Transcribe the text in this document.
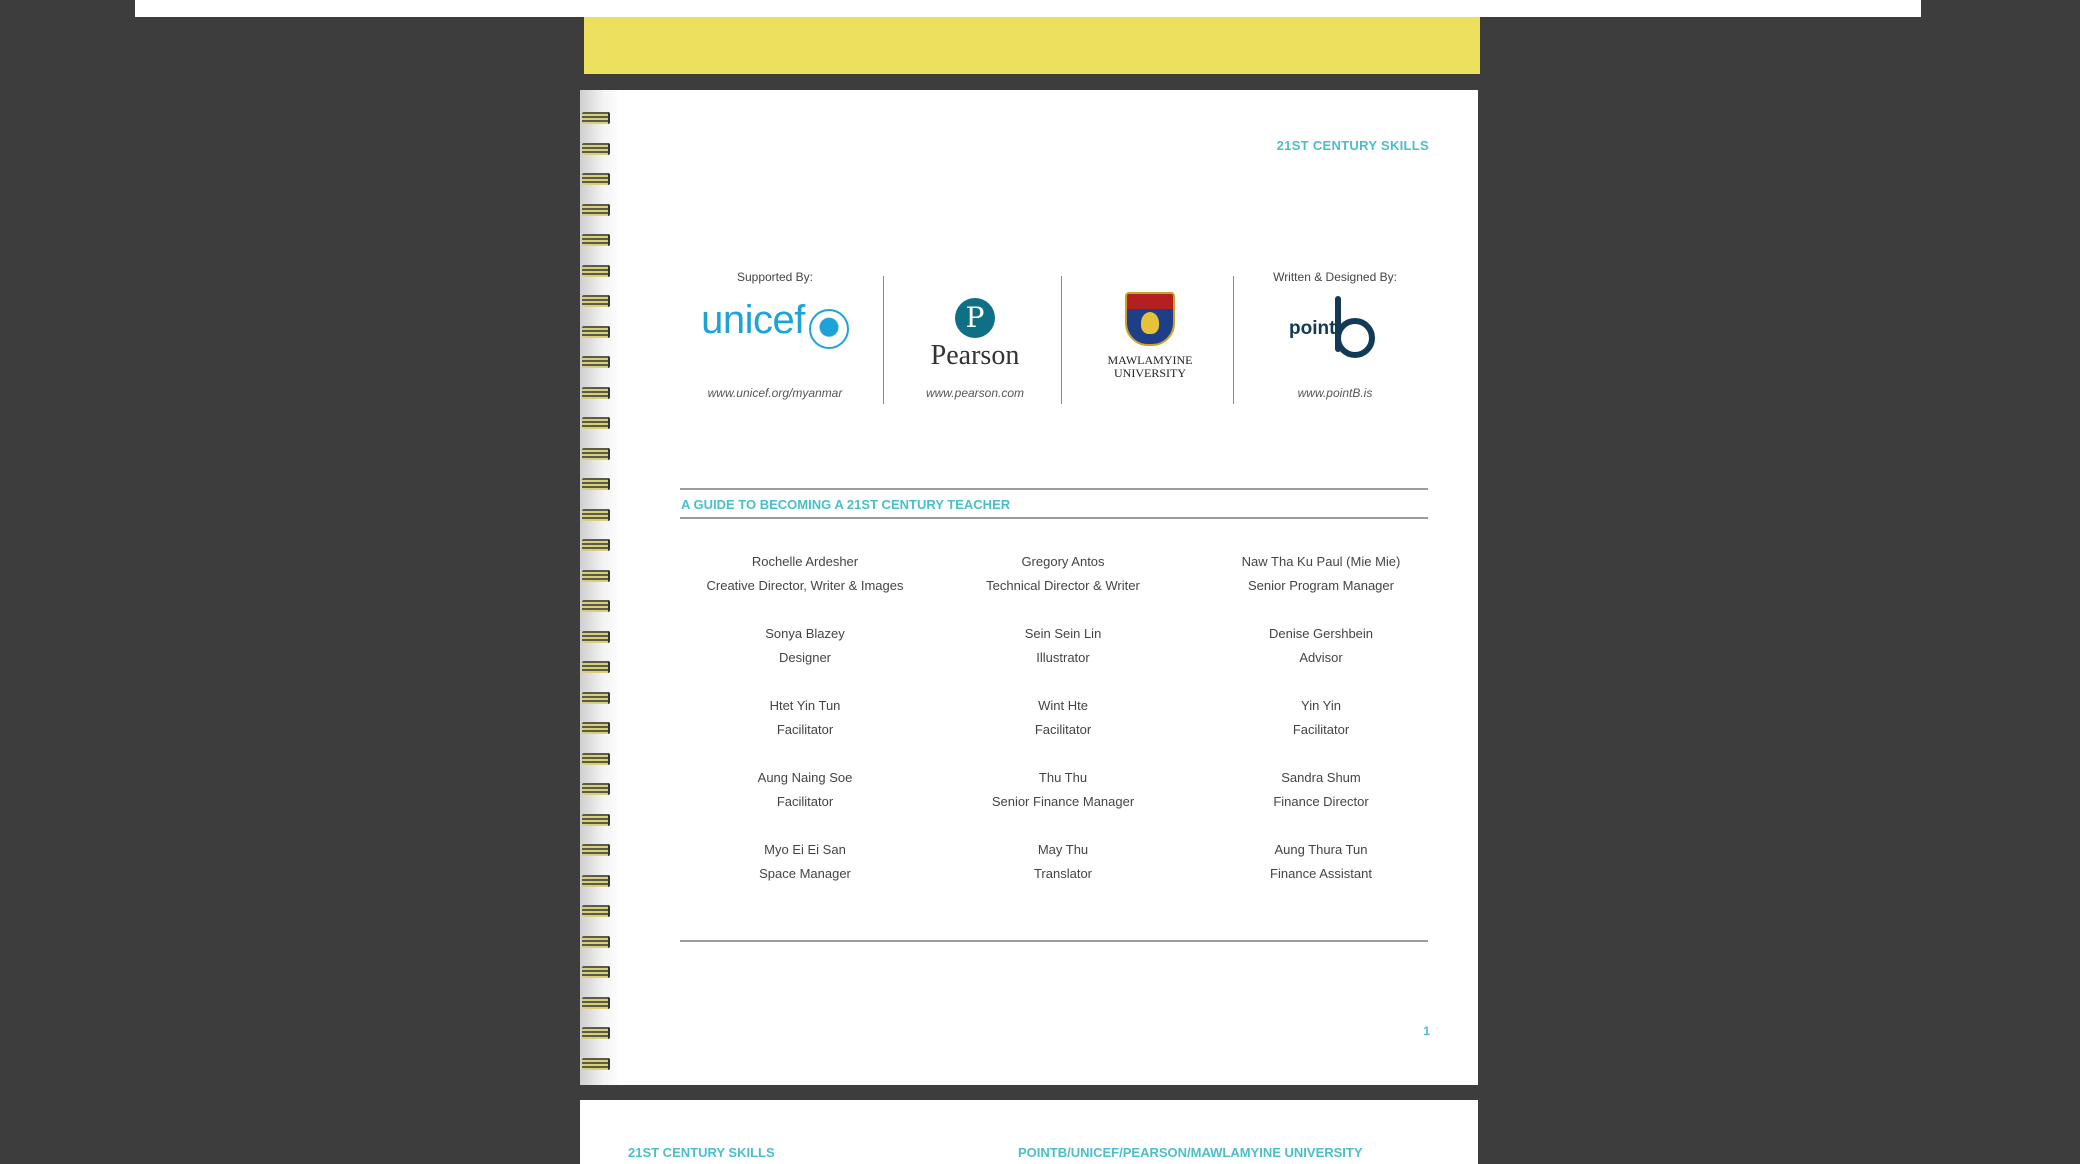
21ST CENTURY SKILLS
Supported By:
unicef
www.unicef.org/myanmar
P
Pearson
www.pearson.com
MAWLAMYINE
UNIVERSITY
Written & Designed By:
point
www.pointB.is
A GUIDE TO BECOMING A 21ST CENTURY TEACHER
Rochelle Ardesher
Creative Director, Writer & Images
Gregory Antos
Technical Director & Writer
Naw Tha Ku Paul (Mie Mie)
Senior Program Manager
Sonya Blazey
Designer
Sein Sein Lin
Illustrator
Denise Gershbein
Advisor
Htet Yin Tun
Facilitator
Wint Hte
Facilitator
Yin Yin
Facilitator
Aung Naing Soe
Facilitator
Thu Thu
Senior Finance Manager
Sandra Shum
Finance Director
Myo Ei Ei San
Space Manager
May Thu
Translator
Aung Thura Tun
Finance Assistant
1
21ST CENTURY SKILLS	POINTB/UNICEF/PEARSON/MAWLAMYINE UNIVERSITY
